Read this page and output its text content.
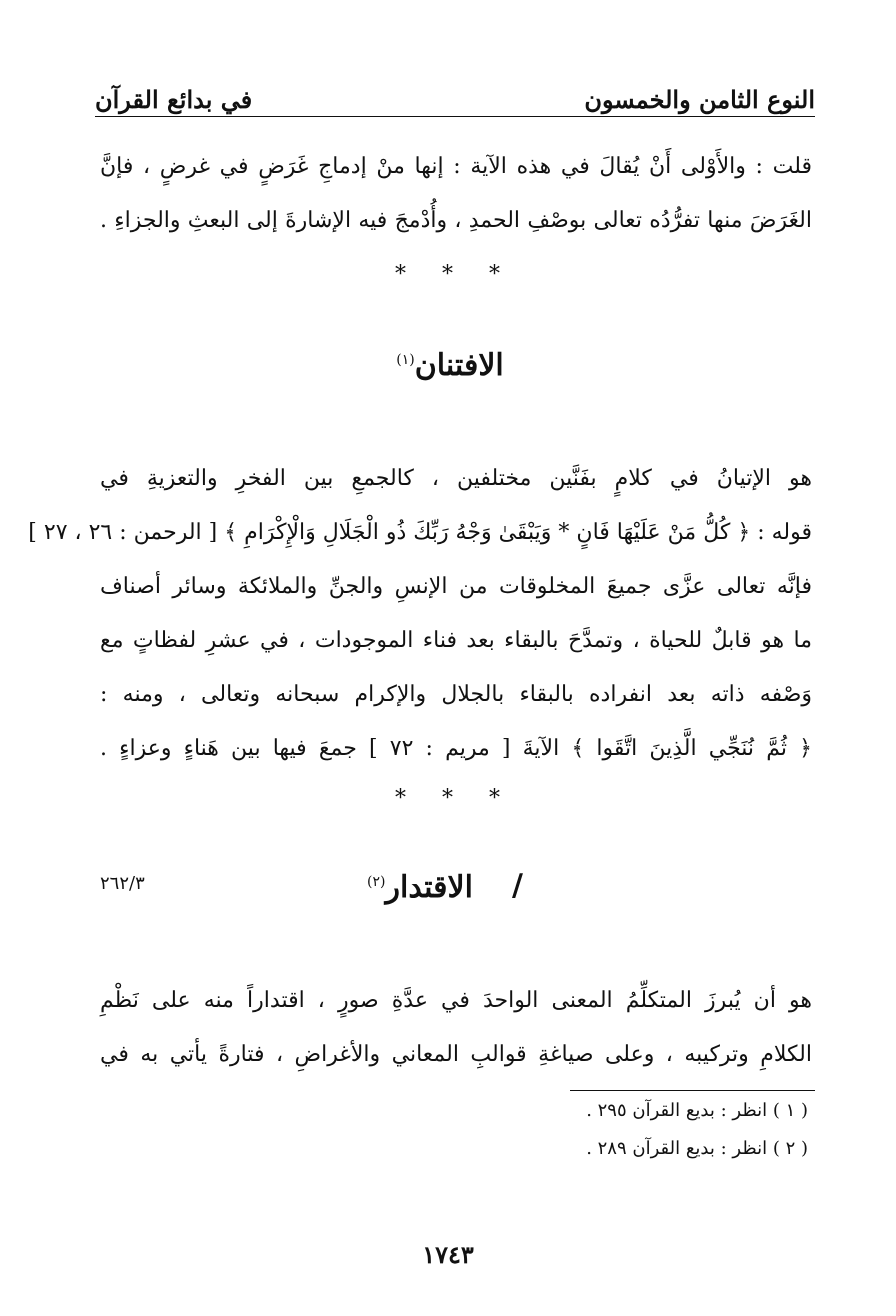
النوع الثامن والخمسون
في بدائع القرآن
قلت : والأَوْلى أَنْ يُقالَ في هذه الآية : إنها منْ إدماجِ غَرَضٍ في غرضٍ ، فإنَّ
الغَرَضَ منها تفرُّدُه تعالى بوصْفِ الحمدِ ، وأُدْمجَ فيه الإشارةَ إلى البعثِ والجزاءِ .
*
*
*
الافتنان$^{(١)}$
هو الإتيانُ في كلامٍ بفَنَّين مختلفين ، كالجمعِ بين الفخرِ والتعزيةِ في
قوله : ﴿ كُلُّ مَنْ عَلَيْهَا فَانٍ * وَيَبْقَىٰ وَجْهُ رَبِّكَ ذُو الْجَلَالِ وَالْإِكْرَامِ ﴾ [ الرحمن : ٢٦ ، ٢٧ ]
فإنَّه تعالى عزَّى جميعَ المخلوقات من الإنسِ والجنِّ والملائكة وسائر أصناف
ما هو قابلٌ للحياة ، وتمدَّحَ بالبقاء بعد فناء الموجودات ، في عشرِ لفظاتٍ مع
وَصْفه ذاته بعد انفراده بالبقاء بالجلال والإكرام سبحانه وتعالى ، ومنه :
﴿ ثُمَّ نُنَجِّي الَّذِينَ اتَّقَوا ﴾ الآيةَ [ مريم : ٧٢ ] جمعَ فيها بين هَناءٍ وعزاءٍ .
*
*
*
٢٦٢/٣	/
الاقتدار$^{(٢)}$
هو أن يُبرزَ المتكلِّمُ المعنى الواحدَ في عدَّةِ صورٍ ، اقتداراً منه على نَظْمِ
الكلامِ وتركيبه ، وعلى صياغةِ قوالبِ المعاني والأغراضِ ، فتارةً يأتي به في
( ١ ) انظر : بديع القرآن ٢٩٥ .
( ٢ ) انظر : بديع القرآن ٢٨٩ .
١٧٤٣
